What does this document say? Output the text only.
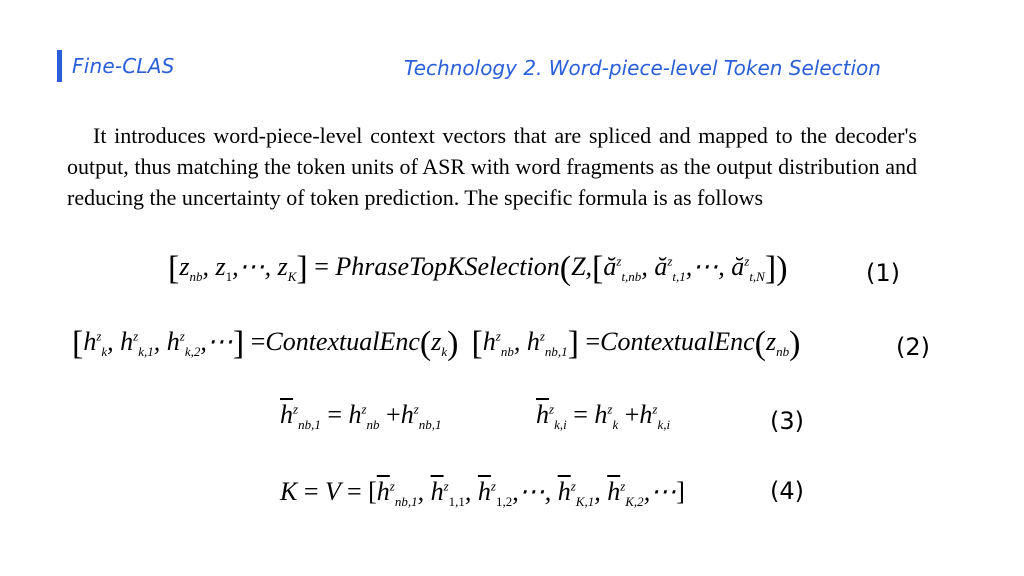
Fine-CLAS	Technology 2. Word-piece-level Token Selection
It introduces word-piece-level context vectors that are spliced and mapped to the decoder's output, thus matching the token units of ASR with word fragments as the output distribution and reducing the uncertainty of token prediction. The specific formula is as follows
[$z_{nb}$, $z_1,\cdots$, $z_K$] = PhraseTopKSelection(Z,[ă$^z_{t,nb}$, ă$^z_{t,1}$,⋯, ă$^z_{t,N}$])	(1)
[$h^z_k$, $h^z_{k,1}$, $h^z_{k,2},\cdots$] $=ContextualEnc(z_k)$ [$h^z_{nb}$, $h^z_{nb,1}$] $=ContextualEnc(z_{nb})$	(2)
$\overline{h}^z_{nb,1} = h^z_{nb} +h^z_{nb,1}$	$\overline{h}^z_{k,i} = h^z_k +h^z_{k,i}$	(3)
$K = V = [\overline{h}^z_{nb,1}$, $\overline{h}^z_{1,1}$, $\overline{h}^z_{1,2},\cdots$, $\overline{h}^z_{K,1}$, $\overline{h}^z_{K,2},\cdots$]	(4)
